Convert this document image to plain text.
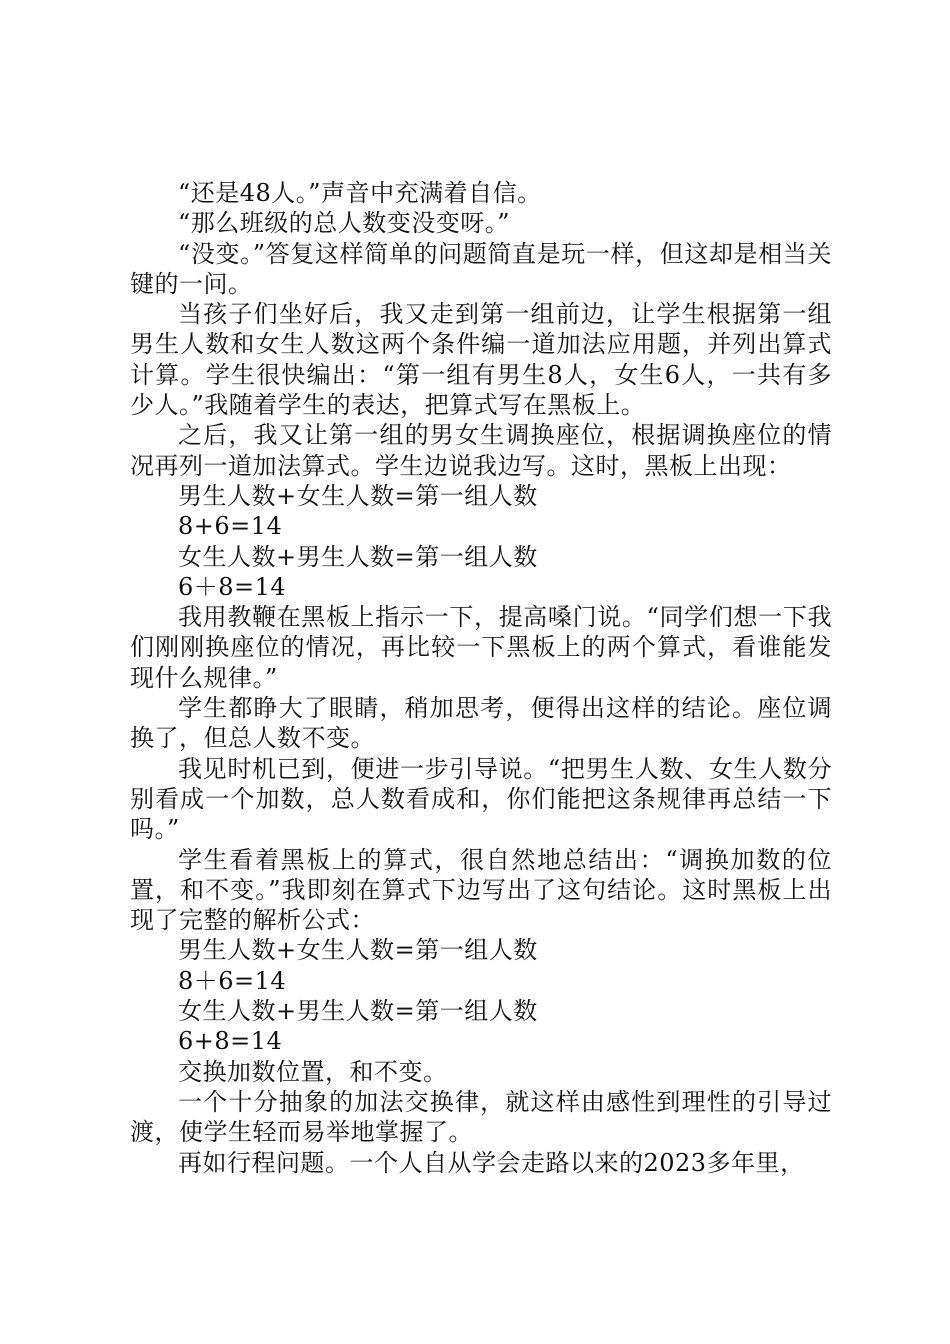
“还是48人。”声音中充满着自信。

“那么班级的总人数变没变呀。”

“没变。”答复这样简单的问题简直是玩一样，但这却是相当关键的一问。

当孩子们坐好后，我又走到第一组前边，让学生根据第一组男生人数和女生人数这两个条件编一道加法应用题，并列出算式计算。学生很快编出：“第一组有男生8人，女生6人，一共有多少人。”我随着学生的表达，把算式写在黑板上。

之后，我又让第一组的男女生调换座位，根据调换座位的情况再列一道加法算式。学生边说我边写。这时，黑板上出现：

男生人数+女生人数=第一组人数

8+6=14

女生人数+男生人数=第一组人数

6＋8=14

我用教鞭在黑板上指示一下，提高嗓门说。“同学们想一下我们刚刚换座位的情况，再比较一下黑板上的两个算式，看谁能发现什么规律。”

学生都睁大了眼睛，稍加思考，便得出这样的结论。座位调换了，但总人数不变。

我见时机已到，便进一步引导说。“把男生人数、女生人数分别看成一个加数，总人数看成和，你们能把这条规律再总结一下吗。”

学生看着黑板上的算式，很自然地总结出：“调换加数的位置，和不变。”我即刻在算式下边写出了这句结论。这时黑板上出现了完整的解析公式：

男生人数+女生人数=第一组人数

8＋6=14

女生人数+男生人数=第一组人数

6+8=14

交换加数位置，和不变。

一个十分抽象的加法交换律，就这样由感性到理性的引导过渡，使学生轻而易举地掌握了。

再如行程问题。一个人自从学会走路以来的2023多年里，
